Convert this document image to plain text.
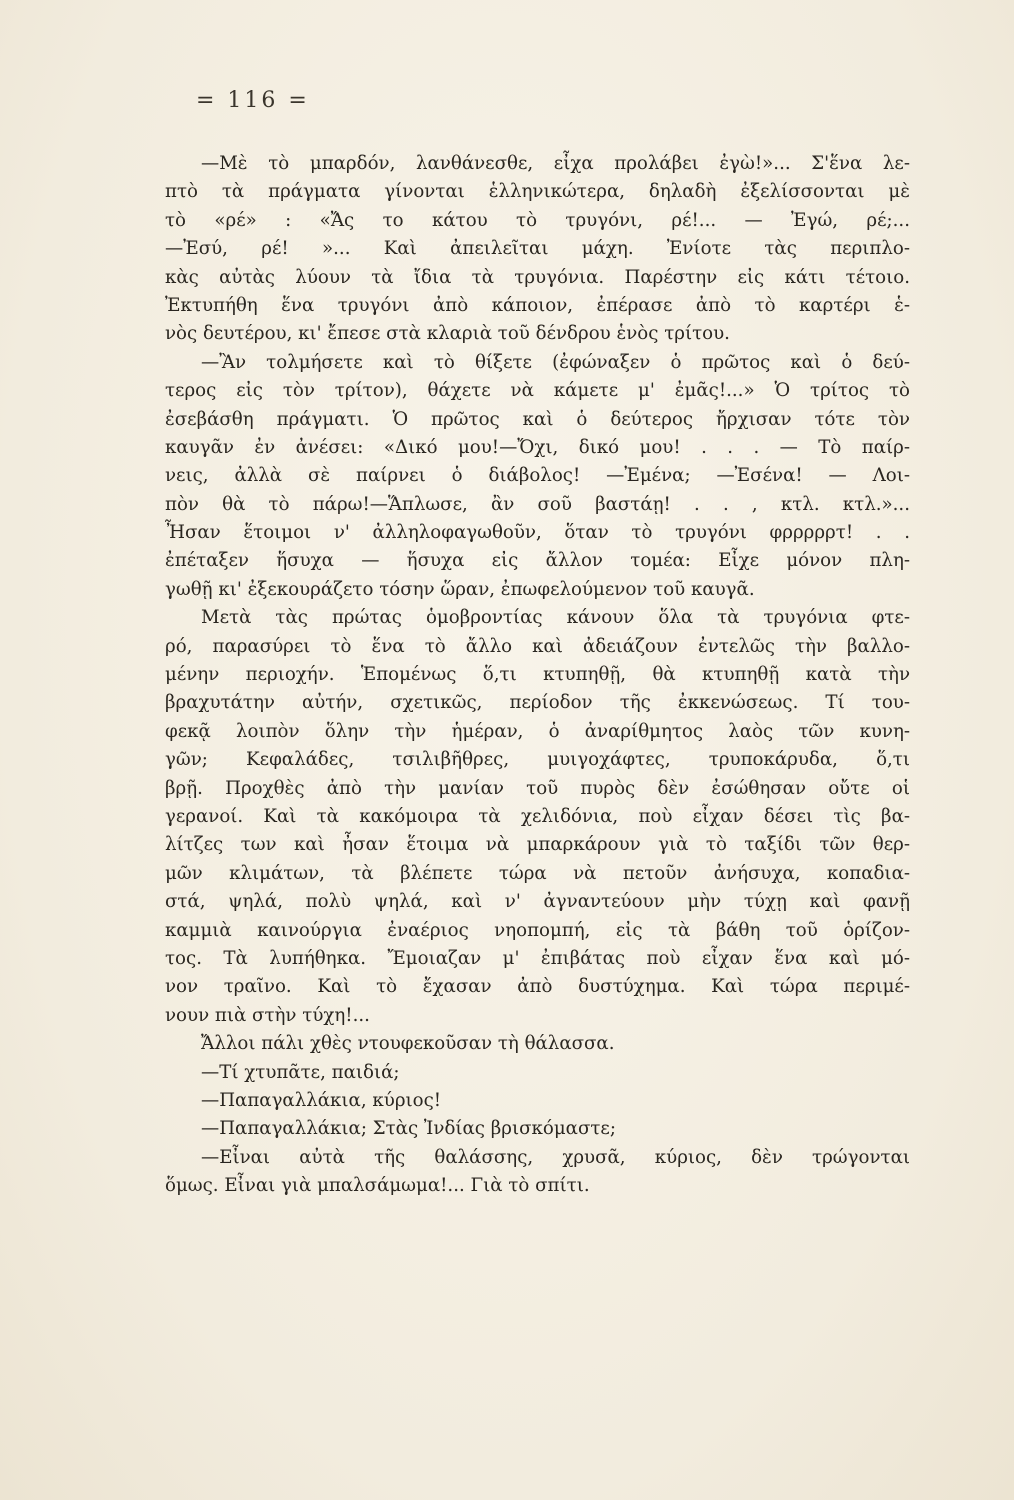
= 116 =
—Μὲ τὸ μπαρδόν, λανθάνεσθε, εἶχα προλάβει ἐγὼ!»... Σ'ἕνα λε-
πτὸ τὰ πράγματα γίνονται ἑλληνικώτερα, δηλαδὴ ἐξελίσσονται μὲ
τὸ «ρέ» : «Ἄς το κάτου τὸ τρυγόνι, ρέ!... — Ἐγώ, ρέ;...
—Ἐσύ, ρέ! »... Καὶ ἀπειλεῖται μάχη. Ἐνίοτε τὰς περιπλο-
κὰς αὐτὰς λύουν τὰ ἴδια τὰ τρυγόνια. Παρέστην εἰς κάτι τέτοιο.
Ἐκτυπήθη ἕνα τρυγόνι ἀπὸ κάποιον, ἐπέρασε ἀπὸ τὸ καρτέρι ἑ-
νὸς δευτέρου, κι' ἔπεσε στὰ κλαριὰ τοῦ δένδρου ἑνὸς τρίτου.
—Ἂν τολμήσετε καὶ τὸ θίξετε (ἐφώναξεν ὁ πρῶτος καὶ ὁ δεύ-
τερος εἰς τὸν τρίτον), θάχετε νὰ κάμετε μ' ἐμᾶς!...» Ὁ τρίτος τὸ
ἐσεβάσθη πράγματι. Ὁ πρῶτος καὶ ὁ δεύτερος ἤρχισαν τότε τὸν
καυγᾶν ἐν ἀνέσει: «Δικό μου!—Ὄχι, δικό μου! . . . — Τὸ παίρ-
νεις, ἀλλὰ σὲ παίρνει ὁ διάβολος! —Ἐμένα; —Ἐσένα! — Λοι-
πὸν θὰ τὸ πάρω!—Ἅπλωσε, ἂν σοῦ βαστάῃ! . . , κτλ. κτλ.»...
Ἦσαν ἕτοιμοι ν' ἀλληλοφαγωθοῦν, ὅταν τὸ τρυγόνι φρρρρρτ! . .
ἐπέταξεν ἥσυχα — ἥσυχα εἰς ἄλλον τομέα: Εἶχε μόνον πλη-
γωθῇ κι' ἐξεκουράζετο τόσην ὥραν, ἐπωφελούμενον τοῦ καυγᾶ.
Μετὰ τὰς πρώτας ὁμοβροντίας κάνουν ὅλα τὰ τρυγόνια φτε-
ρό, παρασύρει τὸ ἕνα τὸ ἄλλο καὶ ἀδειάζουν ἐντελῶς τὴν βαλλο-
μένην περιοχήν. Ἑπομένως ὅ,τι κτυπηθῇ, θὰ κτυπηθῇ κατὰ τὴν
βραχυτάτην αὐτήν, σχετικῶς, περίοδον τῆς ἐκκενώσεως. Τί του-
φεκᾷ λοιπὸν ὅλην τὴν ἡμέραν, ὁ ἀναρίθμητος λαὸς τῶν κυνη-
γῶν; Κεφαλάδες, τσιλιβῆθρες, μυιγοχάφτες, τρυποκάρυδα, ὅ,τι
βρῇ. Προχθὲς ἀπὸ τὴν μανίαν τοῦ πυρὸς δὲν ἐσώθησαν οὔτε οἱ
γερανοί. Καὶ τὰ κακόμοιρα τὰ χελιδόνια, ποὺ εἶχαν δέσει τὶς βα-
λίτζες των καὶ ἦσαν ἕτοιμα νὰ μπαρκάρουν γιὰ τὸ ταξίδι τῶν θερ-
μῶν κλιμάτων, τὰ βλέπετε τώρα νὰ πετοῦν ἀνήσυχα, κοπαδια-
στά, ψηλά, πολὺ ψηλά, καὶ ν' ἀγναντεύουν μὴν τύχῃ καὶ φανῇ
καμμιὰ καινούργια ἐναέριος νηοπομπή, εἰς τὰ βάθη τοῦ ὁρίζον-
τος. Τὰ λυπήθηκα. Ἔμοιαζαν μ' ἐπιβάτας ποὺ εἶχαν ἕνα καὶ μό-
νον τραῖνο. Καὶ τὸ ἔχασαν ἀπὸ δυστύχημα. Καὶ τώρα περιμέ-
νουν πιὰ στὴν τύχη!...
Ἄλλοι πάλι χθὲς ντουφεκοῦσαν τὴ θάλασσα.
—Τί χτυπᾶτε, παιδιά;
—Παπαγαλλάκια, κύριος!
—Παπαγαλλάκια; Στὰς Ἰνδίας βρισκόμαστε;
—Εἶναι αὐτὰ τῆς θαλάσσης, χρυσᾶ, κύριος, δὲν τρώγονται
ὅμως. Εἶναι γιὰ μπαλσάμωμα!... Γιὰ τὸ σπίτι.
